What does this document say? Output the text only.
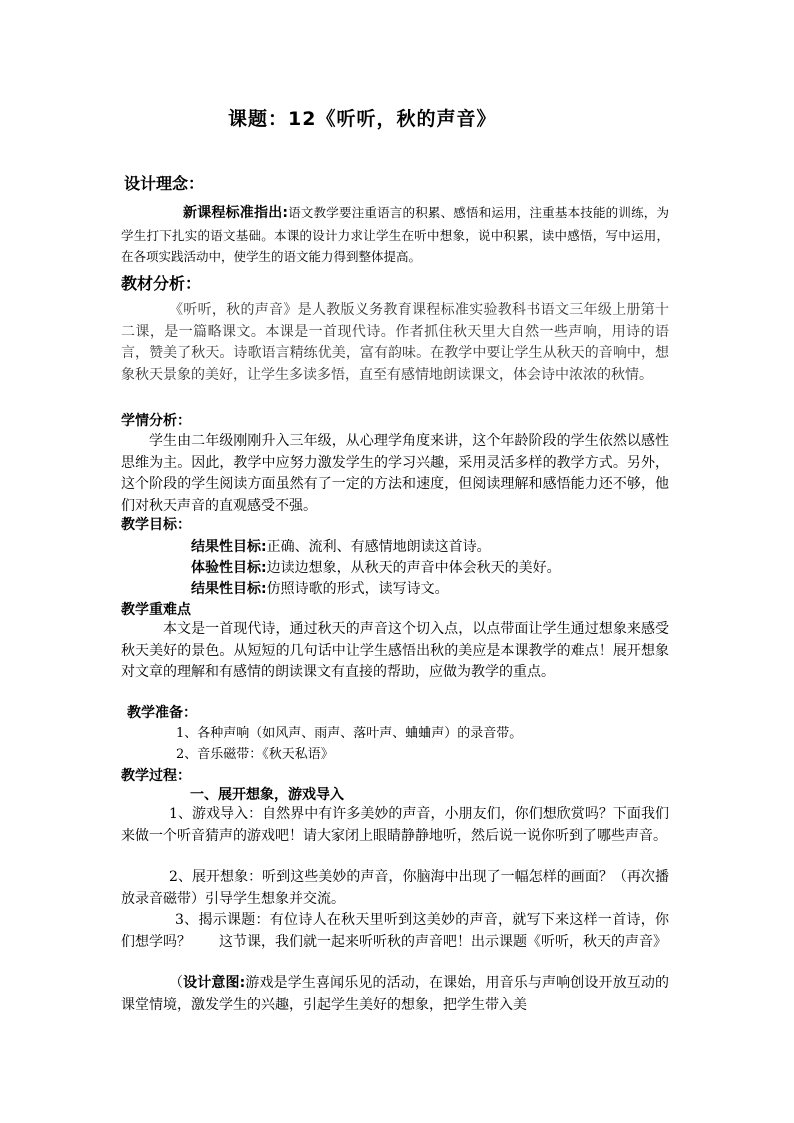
课题：12《听听，秋的声音》
设计理念：

新课程标准指出:语文教学要注重语言的积累、感悟和运用，注重基本技能的训练，为学生打下扎实的语文基础。本课的设计力求让学生在听中想象，说中积累，读中感悟，写中运用，在各项实践活动中，使学生的语文能力得到整体提高。

教材分析：

《听听，秋的声音》是人教版义务教育课程标准实验教科书语文三年级上册第十二课，是一篇略课文。本课是一首现代诗。作者抓住秋天里大自然一些声响，用诗的语言，赞美了秋天。诗歌语言精练优美，富有韵味。在教学中要让学生从秋天的音响中，想象秋天景象的美好，让学生多读多悟，直至有感情地朗读课文，体会诗中浓浓的秋情。

学情分析：

学生由二年级刚刚升入三年级，从心理学角度来讲，这个年龄阶段的学生依然以感性思维为主。因此，教学中应努力激发学生的学习兴趣，采用灵活多样的教学方式。另外，这个阶段的学生阅读方面虽然有了一定的方法和速度，但阅读理解和感悟能力还不够，他们对秋天声音的直观感受不强。

教学目标：
结果性目标:正确、流利、有感情地朗读这首诗。
体验性目标:边读边想象，从秋天的声音中体会秋天的美好。
结果性目标:仿照诗歌的形式，读写诗文。
教学重难点

本文是一首现代诗，通过秋天的声音这个切入点，以点带面让学生通过想象来感受秋天美好的景色。从短短的几句话中让学生感悟出秋的美应是本课教学的难点！展开想象对文章的理解和有感情的朗读课文有直接的帮助，应做为教学的重点。

教学准备：
1、各种声响（如风声、雨声、落叶声、蛐蛐声）的录音带。
2、音乐磁带：《秋天私语》
教学过程：
一、展开想象，游戏导入

1、游戏导入：自然界中有许多美妙的声音，小朋友们，你们想欣赏吗？下面我们来做一个听音猜声的游戏吧！请大家闭上眼睛静静地听，然后说一说你听到了哪些声音。

2、展开想象：听到这些美妙的声音，你脑海中出现了一幅怎样的画面？（再次播放录音磁带）引导学生想象并交流。

3、揭示课题：有位诗人在秋天里听到这美妙的声音，就写下来这样一首诗，你们想学吗？　　这节课，我们就一起来听听秋的声音吧！出示课题《听听，秋天的声音》

（设计意图:游戏是学生喜闻乐见的活动，在课始，用音乐与声响创设开放互动的课堂情境，激发学生的兴趣，引起学生美好的想象，把学生带入美
